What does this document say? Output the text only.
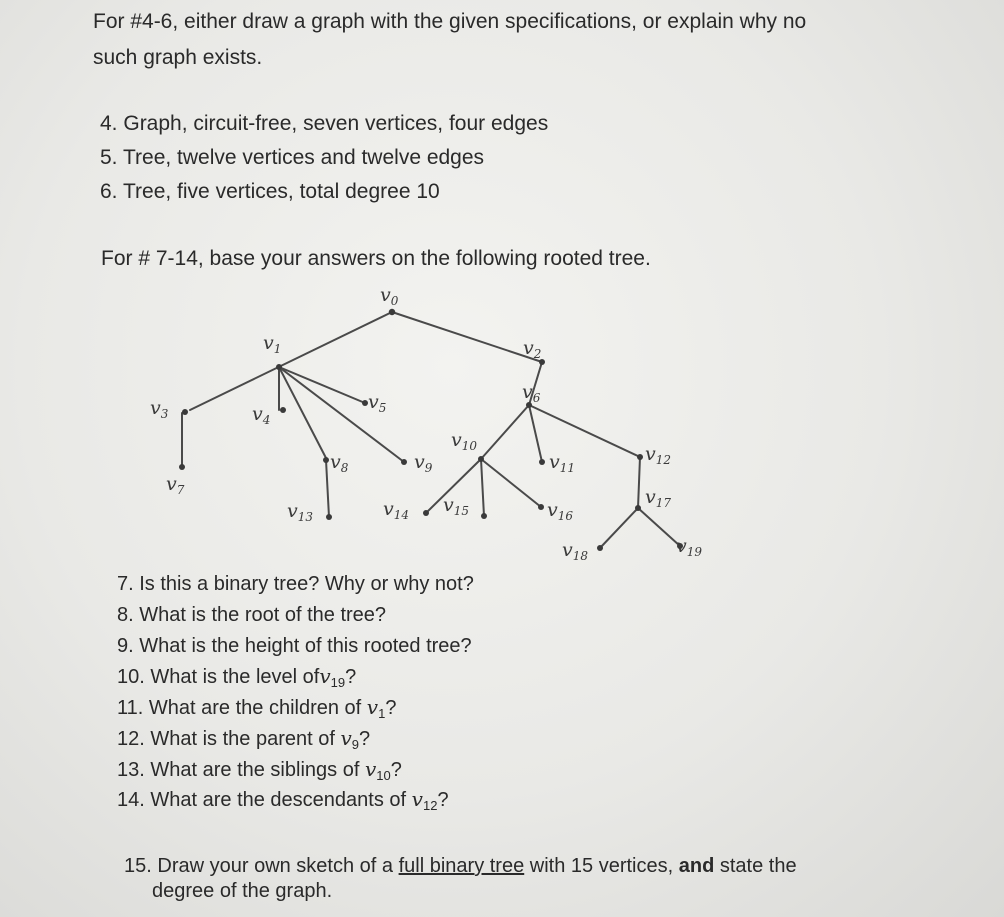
For #4-6, either draw a graph with the given specifications, or explain why no

such graph exists.

4. Graph, circuit-free, seven vertices, four edges
5. Tree, twelve vertices and twelve edges
6. Tree, five vertices, total degree 10

For # 7-14, base your answers on the following rooted tree.

$v_0$
$v_1$	$v_2$
$v_3$	$v_4$
$v_5$
$v_6$
$v_7$
$v_8$	$v_9$
$v_{10}$
$v_{11}$
$v_{12}$
$v_{13}$	$v_{14}$ $v_{15}$	$v_{16}$
$v_{17}$
$v_{18}$	$v_{19}$
7. Is this a binary tree? Why or why not?
8. What is the root of the tree?
9. What is the height of this rooted tree?
10. What is the level ofv$_{19}$?
11. What are the children of $v_1$?
12. What is the parent of $v_9$?
13. What are the siblings of $v_{10}$?
14. What are the descendants of $v_{12}$?

15. Draw your own sketch of a full binary tree with 15 vertices, and state the

degree of the graph.
